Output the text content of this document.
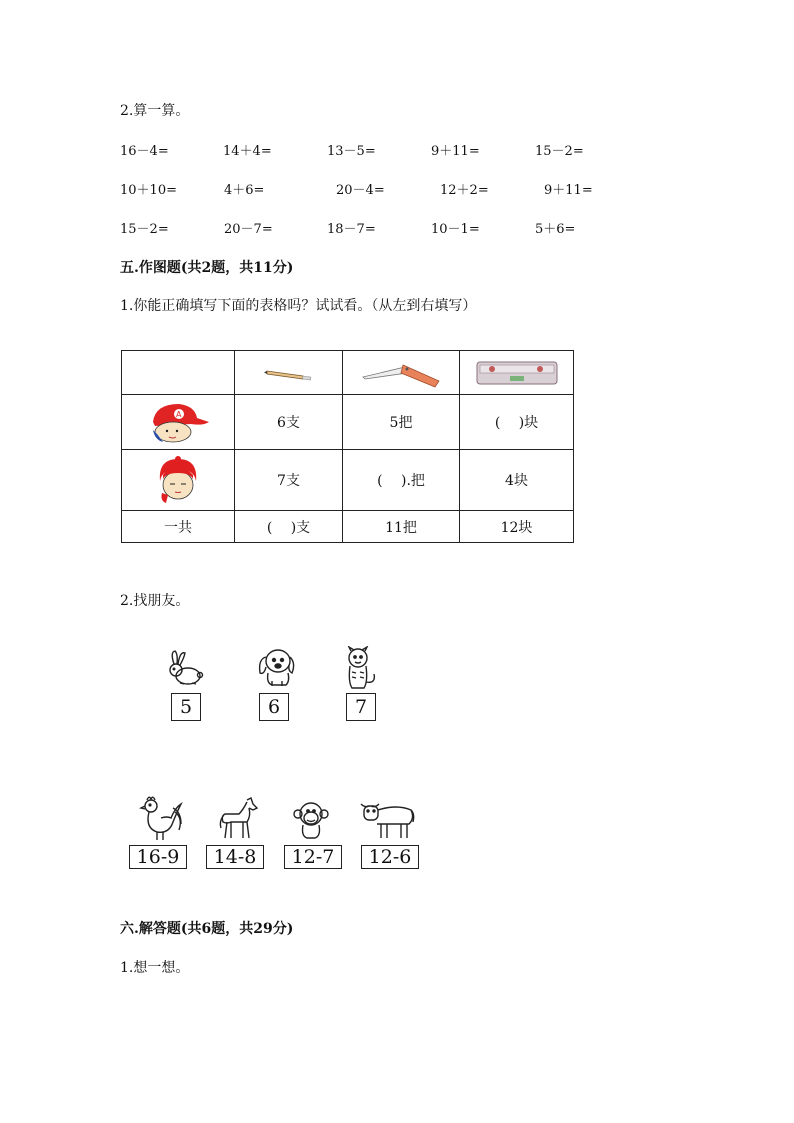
2.算一算。
16－4=	14＋4=	13－5=	9＋11=	15－2=
10＋10=	4＋6=	20－4=	12＋2=	9＋11=
15－2=	20－7=	18－7=	10－1=	5＋6=
五.作图题(共2题，共11分)
1.你能正确填写下面的表格吗？试试看。（从左到右填写）

A	6支	5把	(　 )块

	7支	(　 ).把	4块
一共	(　 )支	11把	12块
2.找朋友。
5	6	7
16-9	14-8	12-7	12-6
六.解答题(共6题，共29分)
1.想一想。
